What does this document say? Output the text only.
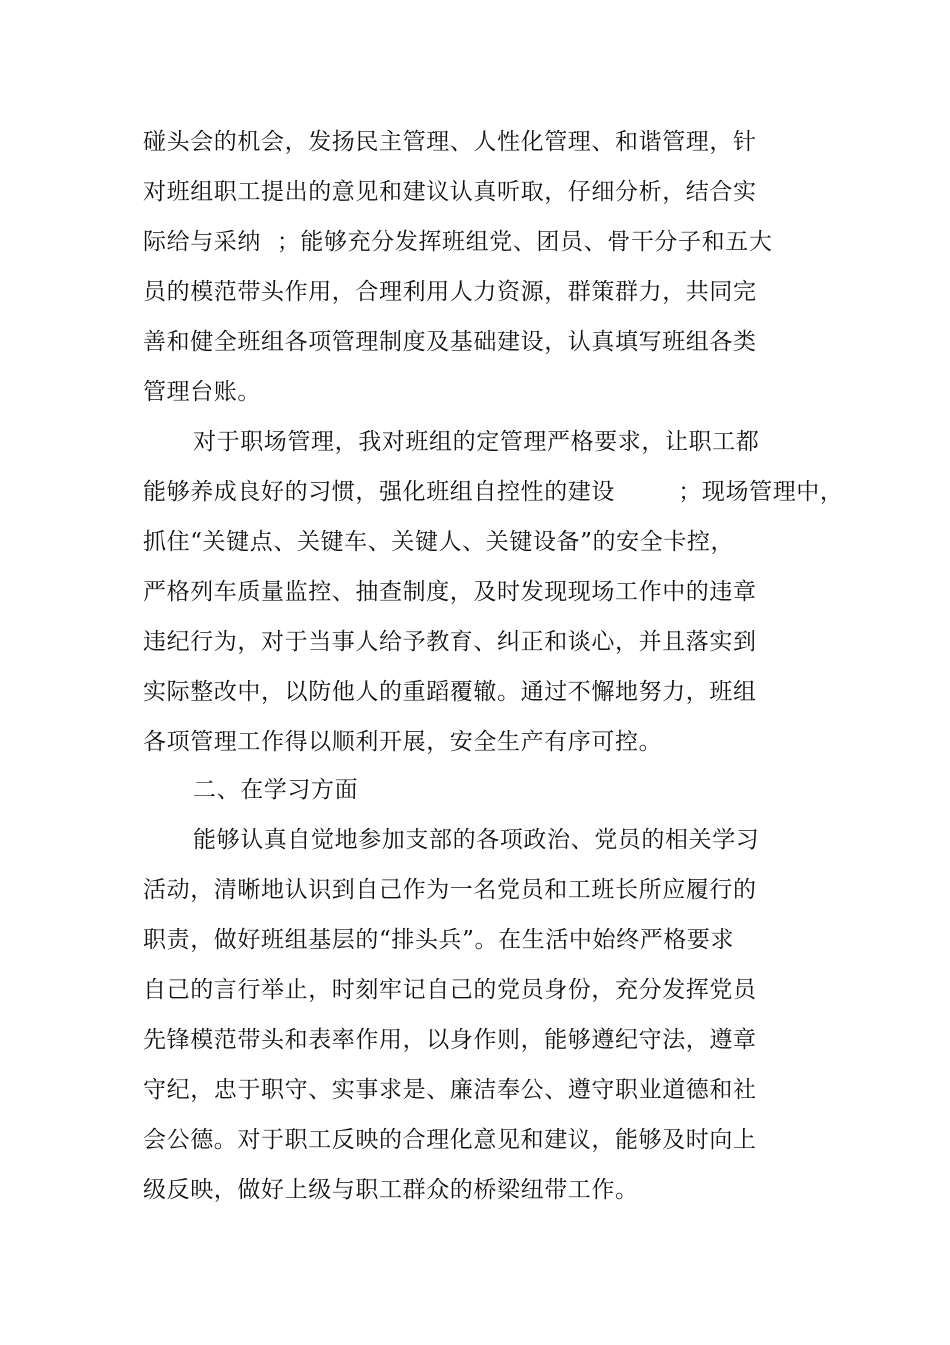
碰头会的机会，发扬民主管理、人性化管理、和谐管理，针

对班组职工提出的意见和建议认真听取，仔细分析，结合实

际给与采纳  ；能够充分发挥班组党、团员、骨干分子和五大

员的模范带头作用，合理利用人力资源，群策群力，共同完

善和健全班组各项管理制度及基础建设，认真填写班组各类

管理台账。

对于职场管理，我对班组的定管理严格要求，让职工都

能够养成良好的习惯，强化班组自控性的建设        ；现场管理中，

抓住“关键点、关键车、关键人、关键设备”的安全卡控，

严格列车质量监控、抽查制度，及时发现现场工作中的违章

违纪行为，对于当事人给予教育、纠正和谈心，并且落实到

实际整改中，以防他人的重蹈覆辙。通过不懈地努力，班组

各项管理工作得以顺利开展，安全生产有序可控。

二、在学习方面

能够认真自觉地参加支部的各项政治、党员的相关学习

活动，清晰地认识到自己作为一名党员和工班长所应履行的

职责，做好班组基层的“排头兵”。在生活中始终严格要求

自己的言行举止，时刻牢记自己的党员身份，充分发挥党员

先锋模范带头和表率作用，以身作则，能够遵纪守法，遵章

守纪，忠于职守、实事求是、廉洁奉公、遵守职业道德和社

会公德。对于职工反映的合理化意见和建议，能够及时向上

级反映，做好上级与职工群众的桥梁纽带工作。
